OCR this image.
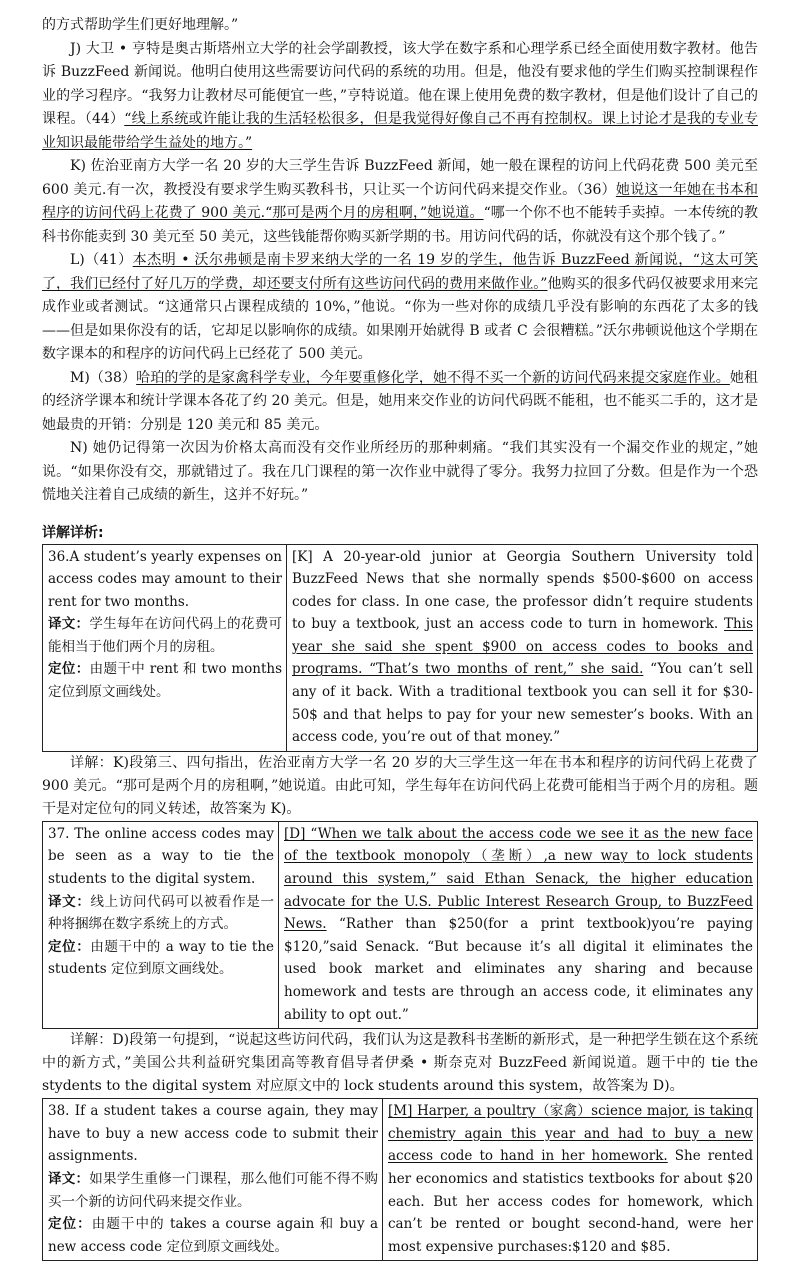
的方式帮助学生们更好地理解。”

J) 大卫 • 亨特是奥古斯塔州立大学的社会学副教授，该大学在数字系和心理学系已经全面使用数字教材。他告诉 BuzzFeed 新闻说。他明白使用这些需要访问代码的系统的功用。但是，他没有要求他的学生们购买控制课程作业的学习程序。“我努力让教材尽可能便宜一些，”亨特说道。他在课上使用免费的数字教材，但是他们设计了自己的课程。（44）“线上系统或许能让我的生活轻松很多，但是我觉得好像自己不再有控制权。课上讨论才是我的专业专业知识最能带给学生益处的地方。”

K) 佐治亚南方大学一名 20 岁的大三学生告诉 BuzzFeed 新闻，她一般在课程的访问上代码花费 500 美元至 600 美元.有一次，教授没有要求学生购买教科书，只让买一个访问代码来提交作业。（36）她说这一年她在书本和程序的访问代码上花费了 900 美元.“那可是两个月的房租啊，”她说道。“哪一个你不也不能转手卖掉。一本传统的教科书你能卖到 30 美元至 50 美元，这些钱能帮你购买新学期的书。用访问代码的话，你就没有这个那个钱了。”

L)（41）本杰明 • 沃尔弗顿是南卡罗来纳大学的一名 19 岁的学生，他告诉 BuzzFeed 新闻说，“这太可笑了，我们已经付了好几万的学费，却还要支付所有这些访问代码的费用来做作业。”他购买的很多代码仅被要求用来完成作业或者测试。“这通常只占课程成绩的 10%，”他说。“你为一些对你的成绩几乎没有影响的东西花了太多的钱——但是如果你没有的话，它却足以影响你的成绩。如果刚开始就得 B 或者 C 会很糟糕。”沃尔弗顿说他这个学期在数字课本的和程序的访问代码上已经花了 500 美元。

M)（38）哈珀的学的是家禽科学专业，今年要重修化学，她不得不买一个新的访问代码来提交家庭作业。她租的经济学课本和统计学课本各花了约 20 美元。但是，她用来交作业的访问代码既不能租，也不能买二手的，这才是她最贵的开销：分别是 120 美元和 85 美元。

N) 她仍记得第一次因为价格太高而没有交作业所经历的那种刺痛。“我们其实没有一个漏交作业的规定，”她说。“如果你没有交，那就错过了。我在几门课程的第一次作业中就得了零分。我努力拉回了分数。但是作为一个恐慌地关注着自己成绩的新生，这并不好玩。”

详解详析:
36.A student’s yearly expenses on access codes may amount to their rent for two months.
译文：学生每年在访问代码上的花费可能相当于他们两个月的房租。
定位：由题干中 rent 和 two months 定位到原文画线处。	[K] A 20-year-old junior at Georgia Southern University told BuzzFeed News that she normally spends $500-$600 on access codes for class. In one case, the professor didn’t require students to buy a textbook, just an access code to turn in homework. This year she said she spent $900 on access codes to books and programs. “That’s two months of rent,” she said. “You can’t sell any of it back. With a traditional textbook you can sell it for $30-50$ and that helps to pay for your new semester’s books. With an access code, you’re out of that money.”

详解：K)段第三、四句指出，佐治亚南方大学一名 20 岁的大三学生这一年在书本和程序的访问代码上花费了 900 美元。“那可是两个月的房租啊，”她说道。由此可知，学生每年在访问代码上花费可能相当于两个月的房租。题干是对定位句的同义转述，故答案为 K)。

37. The online access codes may be seen as a way to tie the students to the digital system.
译文：线上访问代码可以被看作是一种将捆绑在数字系统上的方式。
定位：由题干中的 a way to tie the students 定位到原文画线处。	[D] “When we talk about the access code we see it as the new face of the textbook monopoly（垄断）,a new way to lock students around this system,” said Ethan Senack, the higher education advocate for the U.S. Public Interest Research Group, to BuzzFeed News. “Rather than $250(for a print textbook)you’re paying $120,”said Senack. “But because it’s all digital it eliminates the used book market and eliminates any sharing and because homework and tests are through an access code, it eliminates any ability to opt out.”

详解：D)段第一句提到，“说起这些访问代码，我们认为这是教科书垄断的新形式，是一种把学生锁在这个系统中的新方式，”美国公共利益研究集团高等教育倡导者伊桑 • 斯奈克对 BuzzFeed 新闻说道。题干中的 tie the stydents to the digital system 对应原文中的 lock students around this system，故答案为 D)。

38. If a student takes a course again, they may have to buy a new access code to submit their assignments.
译文：如果学生重修一门课程，那么他们可能不得不购买一个新的访问代码来提交作业。
定位：由题干中的 takes a course again 和 buy a new access code 定位到原文画线处。	[M] Harper, a poultry（家禽）science major, is taking chemistry again this year and had to buy a new access code to hand in her homework. She rented her economics and statistics textbooks for about $20 each. But her access codes for homework, which can’t be rented or bought second-hand, were her most expensive purchases:$120 and $85.
